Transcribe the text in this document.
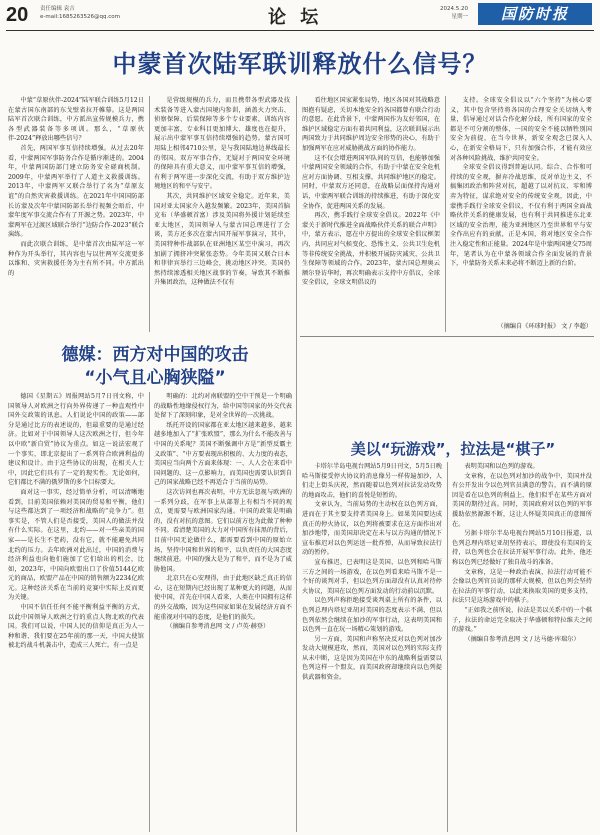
20 责任编辑 袁吉
e-mail:1685263526@qq.com	论 坛	2024.5.20
星期一	国防时报
中蒙首次陆军联训释放什么信号？

中蒙“草原伙伴-2024”陆军联合训练5月12日在蒙古国东南部的东戈壁省拉开帷幕。这是两国陆军首次联合训练，中方派出宣传规模兵力，携各型武器装备等多项训。那么，“草原伙伴-2024”释放出哪些信号？

首先，两国军事互信持续增强。从过去20年看，中蒙两国军事防务合作是循序渐进的。2004年，中蒙两国防部门建立防务安全磋商机制。2009年，中蒙两军举行了人道主义救援训练。2013年，中蒙两军又联合举行了名为“草原友谊”的自然灾害救援训练。在2021年中国国防部长访蒙及次年中蒙国防部长举行视频会晤后，中蒙年度军事交流合作有了开源之势。2023年，中蒙两军在过渡区域联合举行“边防合作-2023”联合演练。

而此次联合训练，是中蒙首次由陆军这一军种作为开头举行，其内容也与以往两军交流更多以维和、灾害救援任务为主有所不同。中方派出的

是营级规模的兵力，而且携带各型武器及技术装备等进入蒙古国境内参训，涵盖火力突击、侦察保障、后装保障等多个专业要素，训练内容更加丰富，专业科目更加博大、雄度也在提升，展示出中蒙军事互信持续增强的趋势。蒙古国可用陆上相邻4710公里，是与我国陆地边界线最长的邻国。双方军事合作，无疑对于两国安全环境的保障具有重大意义，而中蒙军事互信的增强，有利于两军进一步深化交流，有助于双方维护边境地区的和平与安宁。

其次，共同维护区域安全稳定。近年来，美国对亚太国家介入越发频繁。2023年，美国首脑克布（华盛顿首富）涉及美国将外援计划延续至亚太地区，美国领导人与蒙古国总理进行了会谈，美方还多次在蒙古国开展军事演习，其中，美国特种作战部队在亚洲地区某空中演习，再次加剧了拥挤冲突紧张态势。今年美国又联合日本和菲律宾举行三边峰会，挑动地区冲突。美国仍然持续渗透相关地区战事的节奏，导致其不断推升集团政治，这种做法不仅有

看往地区国家紧张局势，地区各国对其战略意图抱有疑虑，关切本地安全的各国都曾有联合行动的意愿。在此背景下，中蒙两国作为友好邻国，在维护区域稳定方面有着共同利益，这次联训展示出两国致力于共同维护周边安全形势的决心，有助于加强两军在应对威胁挑战方面的协作能力。

这不仅会增进两国军队间的互信，也能够加强中蒙两国安全领域的合作，有助于中蒙在安全危机应对方面协调、互相支撑，共同维护地区的稳定。同时，中蒙双方还同意，在战略层面保持沟通对话，中蒙两军联合训练的持续推进，有助于深化安全协作，促进两国关系的发展。

再次，携手践行全球安全倡议。2022年《中蒙关于新时代推进全面战略伙伴关系的联合声明》中，蒙方表示，愿在中方提出的全球安全倡议框架内，共同应对气候变化、恐怖主义、公共卫生危机等非传统安全挑战，并积极开展防灾减灾、公共卫生保障等领域的合作。2023年，蒙古国总理奥云额尔登访华时，再次明确表示支持中方倡议，全球安全倡议，全球文明倡议的

支持。全球安全倡议以“六个坚持”为核心要义，其中包含坚持将各国的合理安全关切纳入考量，倡导通过对话合作化解分歧，所有国家的安全都是不可分割的整体，一国的安全不能以牺牲别国安全为前提，在当今世界，新安全观念已深入人心，在新安全格局下，只有加强合作，才能有效应对各种风险挑战，维护共同安全。

全球安全倡议得到普遍认同。综合、合作和可持续的安全观，摒弃冷战思维，反对单边主义，不搞集团政治和阵营对抗，超越了以对抗议、零和博弈为特征，谋求绝对安全的传统安全观，因此，中蒙携手践行全球安全倡议，不仅有利于两国全面战略伙伴关系的健康发展，也有利于共同推进东北亚区域的安全治理，能为亚洲地区乃至世界和平与安全作出应有的贡献，正是本国，将对地区安全合作注入稳定性和正能量。2024年是中蒙两国建交75周年，笔者认为在中蒙各领域合作全面发展的背景下，中蒙防务关系未来必将不断迈上新的台阶。

（摘编自《环球时报》 文 / 李超）
德媒：西方对中国的攻击
“小气且心胸狭隘”

德国《星期五》周报网站5月7日刊文称，中国领导人对欧洲之行向外界传递了一种直观性中国外交政策的讯息。人们说论中国的政策——部分是通过比方的表述说的，但最重要的是通过经济。比如对于中国领导人这次欧洲之行，但今年以中欧“新自贸”协议为重点。如这一说法宏观了一个事实，即北京提出了一系列符合欧洲利益的建议和设计。由于这些协议的出现，在相关人士中，因此它们具有了一定的现实性。无论如何，它们都比不满的俄罗斯的多个目标要大。

面对这一事实，经过简单分析，可以清晰地看到，目前美国依赖对美国的贸易和平衡，他们与这些都达到了一项经济和战略的“竞争力”。但事实是，不管人们是否接受，美国人的做法并没有什么实际。在这里，北约——对一些亲美的国家——是长生不老药，没有它，就不能避免共同北约的压力。去年欧洲对此出过，中国的消费与经济利益也向他们施加了它们给出的机会，比如，2023年，中国向欧盟出口了价值5144亿欧元的商品，欧盟产品在中国的销售额为2234亿欧元。这种经济关系在当前的竞赛中实际上反而更为关键。

中国不信任任何不能平衡利益平衡的方式，以此中国领导人欧洲之行的重点人物北欧的代表国。我们可以说，中国人民的信仰是真正为人一种和谐、我们要在25年前的那一天，中国大使馆被北约战斗机袭击中，造成三人死亡。有一点是

明确的：北约对南联盟的空中干预是一个明确的战略性地缘侵权行为，给中国等国家的外交代表处留下了深刻印象，是对全世界的一次挑战。

纸托开设的国家都在亚太地区越来越多，越来越多地加入了“扩张欧盟”，那么为什么不能改善与中国的关系呢？美国不断强调中方是“新型反霸主义政策”、“中方要表现出积极的、大力度的表态，美国应当向两个方面来体现：一、人人会在来看中国问题的、这一点影响力，而美国也需要认识到自己的国家战略已经不再适合于当前的局势。

这次访问也再次表明，中方无法忽视与欧洲的一系列分歧，在军事上从部署上有相当不同的观点，更需要与欧洲国家沟通。中国的政策是明确的，没有对抗的意图。它们以前方也为此做了种种不同。看清楚美国的大力对中国所有抹黑的背后，目前中国无论做什么，都需要看到中国的原始立场，坚持中国和世界的和平，以负责任的大国态度继续前进。中国的强大是为了和平，而不是为了威胁他国。

北京只在心安理得，由于此地区缺乏真正的信心，这在短期内已经出现了某种更大的问题，从而使中国，首先在中国人看来，人类在中国拥有这样的外交战略，因为这些国家如果在发展经济方面不能重视对中国的态度，是他们的损失。

（摘编自参考消息网 文 / 卢英·赫登）

美以“玩游戏”，拉法是“棋子”

卡塔尔半岛电视台网站5月9日刊文，5月5日晚哈马斯接受停火协议的消息像另一样传遍加沙，人们走上街头庆祝，然而随着以色列对拉法发动攻势的地面攻击，他们的喜悦是短暂的。

文章认为，当前局势的主动权在以色列方面，进而在于其主要支持者美国身上。如果美国要达成真正的停火协议，以色列将被要求在这方面作出对加沙地带，而美国却决定在未与以方沟通的情况下宣布推迟对以色列运送一批炸弹，从而导致拉法行动的暂停。

宣布推迟，已表明这是美国、以色列和哈马斯三方之间的一场游戏，在以色列看来哈马斯不是一个好的谈判对手，但以色列方面却没有认真对待停火协议，美国在以色列方面发动的行动前以沉默。

以色列声称拒绝接受谈判桌上所有的条件，以色列总理内塔尼亚胡对美国的态度表示不满，但以色列依然会继续在加沙的军事行动，这表明美国和以色列一直在玩一场精心策划的游戏。

另一方面，美国和声称坚决反对以色列对加沙发动大规模进攻，然而，美国对以色列的实际支持从未中断，这是因为美国在中东的战略利益需要以色列这样一个盟友，而美国政府却继续向以色列提供武器和资金。

表明美国和以色列的游戏。

文章称，在以色列对加沙的战争中，美国并没有公开发出令以色列官员满意的警告，而不满的原因是看在以色列的利益上，他们似乎在某些方面对美国的期待过高。同时，美国政府对以色列的军事援助依然源源不断，这让人怀疑美国真正的意图所在。

另据卡塔尔半岛电视台网站5月10日报道，以色列总理内塔尼亚胡坚持表示，即使没有美国的支持，以色列也会在拉法开展军事行动。此外，他还称以色列已经做好了独自战斗的准备。

文章称，这是一种政治表演，拉法行动可能不会像以色列官员说的那样大规模，但以色列会坚持在拉法的军事行动，以此来换取美国的更多支持，拉法只是这场游戏中的棋子。

“正如我之前所说，拉法是美以关系中的一个棋子，拉法的命运完全取决于华盛顿和特拉维夫之间的游戏。”

（摘编自参考消息网 文 / 达马德·库瑞尔）
